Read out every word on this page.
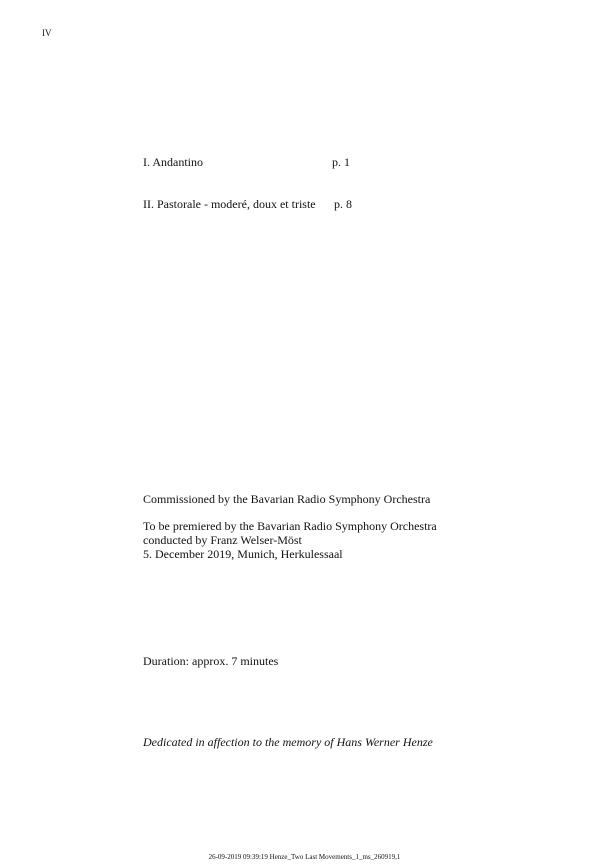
IV
I. Andantino	p. 1
II. Pastorale - moderé, doux et triste p. 8
Commissioned by the Bavarian Radio Symphony Orchestra
To be premiered by the Bavarian Radio Symphony Orchestra
conducted by Franz Welser-Möst
5. December 2019, Munich, Herkulessaal
Duration: approx. 7 minutes
Dedicated in affection to the memory of Hans Werner Henze
26-09-2019 09:39:19 Henze_Two Last Movements_1_ms_260919,1
